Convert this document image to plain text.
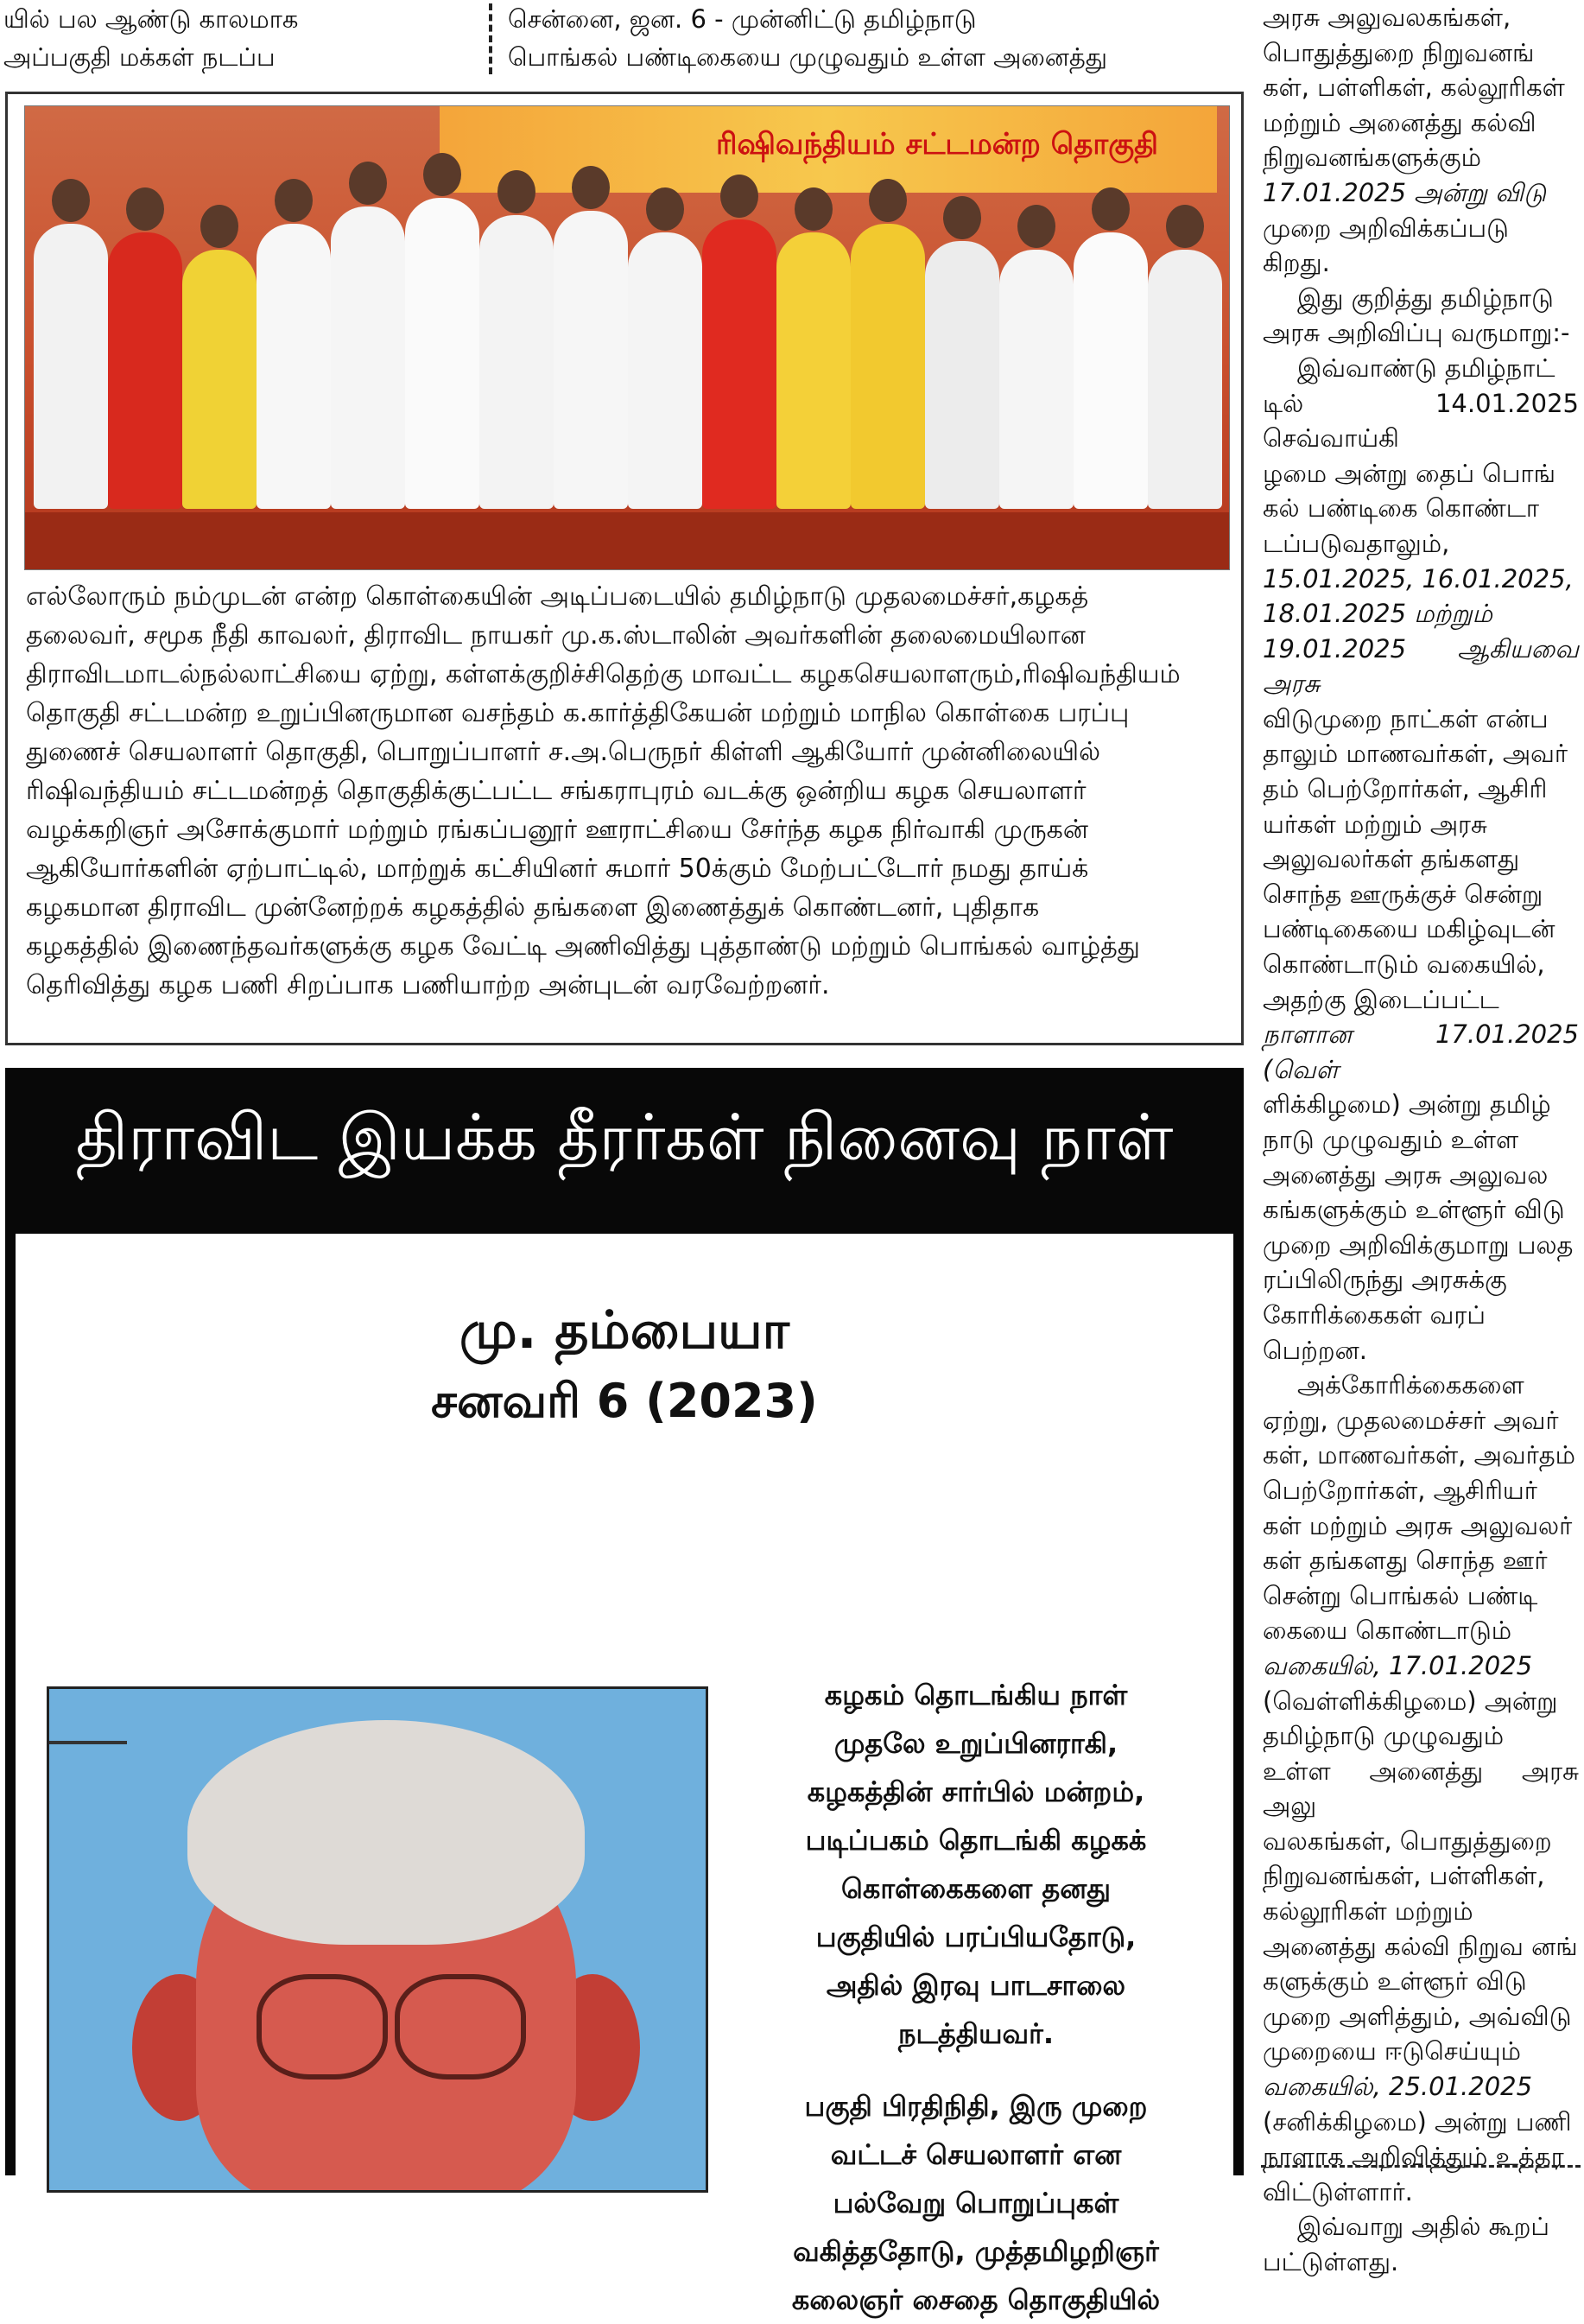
யில் பல ஆண்டு காலமாக

அப்பகுதி மக்கள் நடப்ப

சென்னை, ஜன. 6 - முன்னிட்டு தமிழ்நாடு

பொங்கல் பண்டிகையை முழுவதும் உள்ள அனைத்து

ரிஷிவந்தியம் சட்டமன்ற தொகுதி

எல்லோரும் நம்முடன் என்ற கொள்கையின் அடிப்படையில் தமிழ்நாடு முதலமைச்சர்,கழகத்

தலைவர், சமூக நீதி காவலர், திராவிட நாயகர் மு.க.ஸ்டாலின் அவர்களின் தலைமையிலான

திராவிடமாடல்நல்லாட்சியை ஏற்று, கள்ளக்குறிச்சிதெற்கு மாவட்ட கழகசெயலாளரும்,ரிஷிவந்தியம்

தொகுதி சட்டமன்ற உறுப்பினருமான வசந்தம் க.கார்த்திகேயன் மற்றும் மாநில கொள்கை பரப்பு

துணைச் செயலாளர் தொகுதி, பொறுப்பாளர் ச.அ.பெருநர் கிள்ளி ஆகியோர் முன்னிலையில்

ரிஷிவந்தியம் சட்டமன்றத் தொகுதிக்குட்பட்ட சங்கராபுரம் வடக்கு ஒன்றிய கழக செயலாளர்

வழக்கறிஞர் அசோக்குமார் மற்றும் ரங்கப்பனூர் ஊராட்சியை சேர்ந்த கழக நிர்வாகி முருகன்

ஆகியோர்களின் ஏற்பாட்டில், மாற்றுக் கட்சியினர் சுமார் 50க்கும் மேற்பட்டோர் நமது தாய்க்

கழகமான திராவிட முன்னேற்றக் கழகத்தில் தங்களை இணைத்துக் கொண்டனர், புதிதாக

கழகத்தில் இணைந்தவர்களுக்கு கழக வேட்டி அணிவித்து புத்தாண்டு மற்றும் பொங்கல் வாழ்த்து

தெரிவித்து கழக பணி சிறப்பாக பணியாற்ற அன்புடன் வரவேற்றனர்.

திராவிட இயக்க தீரர்கள் நினைவு நாள்
மு. தம்பையா
சனவரி 6 (2023)

கழகம் தொடங்கிய நாள்

முதலே உறுப்பினராகி,

கழகத்தின் சார்பில் மன்றம்,

படிப்பகம் தொடங்கி கழகக்

கொள்கைகளை தனது

பகுதியில் பரப்பியதோடு,

அதில் இரவு பாடசாலை

நடத்தியவர்.

பகுதி பிரதிநிதி, இரு முறை

வட்டச் செயலாளர் என

பல்வேறு பொறுப்புகள்

வகித்ததோடு, முத்தமிழறிஞர்

கலைஞர் சைதை தொகுதியில்

அரசு அலுவலகங்கள்,

பொதுத்துறை நிறுவனங்

கள், பள்ளிகள், கல்லூரிகள்

மற்றும் அனைத்து கல்வி

நிறுவனங்களுக்கும்

17.01.2025 அன்று விடு

முறை அறிவிக்கப்படு

கிறது.

இது குறித்து தமிழ்நாடு

அரசு அறிவிப்பு வருமாறு:-

இவ்வாண்டு தமிழ்நாட்

டில் 14.01.2025 செவ்வாய்கி

ழமை அன்று தைப் பொங்

கல் பண்டிகை கொண்டா

டப்படுவதாலும்,

15.01.2025, 16.01.2025,

18.01.2025 மற்றும்

19.01.2025 ஆகியவை அரசு

விடுமுறை நாட்கள் என்ப

தாலும் மாணவர்கள், அவர்

தம் பெற்றோர்கள், ஆசிரி

யர்கள் மற்றும் அரசு

அலுவலர்கள் தங்களது

சொந்த ஊருக்குச் சென்று

பண்டிகையை மகிழ்வுடன்

கொண்டாடும் வகையில்,

அதற்கு இடைப்பட்ட

நாளான 17.01.2025 (வெள்

ளிக்கிழமை) அன்று தமிழ்

நாடு முழுவதும் உள்ள

அனைத்து அரசு அலுவல

கங்களுக்கும் உள்ளூர் விடு

முறை அறிவிக்குமாறு பலத

ரப்பிலிருந்து அரசுக்கு

கோரிக்கைகள் வரப்

பெற்றன.

அக்கோரிக்கைகளை

ஏற்று, முதலமைச்சர் அவர்

கள், மாணவர்கள், அவர்தம்

பெற்றோர்கள், ஆசிரியர்

கள் மற்றும் அரசு அலுவலர்

கள் தங்களது சொந்த ஊர்

சென்று பொங்கல் பண்டி

கையை கொண்டாடும்

வகையில், 17.01.2025

(வெள்ளிக்கிழமை) அன்று

தமிழ்நாடு முழுவதும்

உள்ள அனைத்து அரசு அலு

வலகங்கள், பொதுத்துறை

நிறுவனங்கள், பள்ளிகள்,

கல்லூரிகள் மற்றும்

அனைத்து கல்வி நிறுவ னங்

களுக்கும் உள்ளூர் விடு

முறை அளித்தும், அவ்விடு

முறையை ஈடுசெய்யும்

வகையில், 25.01.2025

(சனிக்கிழமை) அன்று பணி

நாளாக அறிவித்தும் உத்தர

விட்டுள்ளார்.

இவ்வாறு அதில் கூறப்

பட்டுள்ளது.
